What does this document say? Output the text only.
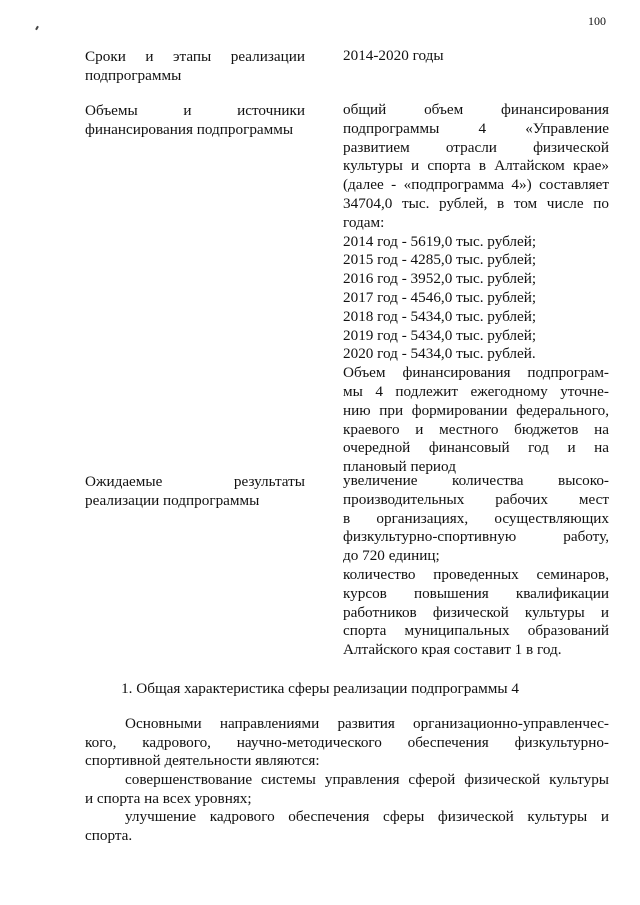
100
Сроки и этапы реализации
подпрограммы
2014-2020 годы
Объемы и источники
финансирования подпрограммы
общий объем финансирования
подпрограммы 4 «Управление
развитием отрасли физической
культуры и спорта в Алтайском крае»
(далее - «подпрограмма 4») составляет
34704,0 тыс. рублей, в том числе по
годам:
2014 год - 5619,0 тыс. рублей;
2015 год - 4285,0 тыс. рублей;
2016 год - 3952,0 тыс. рублей;
2017 год - 4546,0 тыс. рублей;
2018 год - 5434,0 тыс. рублей;
2019 год - 5434,0 тыс. рублей;
2020 год - 5434,0 тыс. рублей.
Объем финансирования подпрограм-
мы 4 подлежит ежегодному уточне-
нию при формировании федерального,
краевого и местного бюджетов на
очередной финансовый год и на
плановый период
Ожидаемые результаты
реализации подпрограммы
увеличение количества высоко-
производительных рабочих мест
в организациях, осуществляющих
физкультурно-спортивную работу,
до 720 единиц;
количество проведенных семинаров,
курсов повышения квалификации
работников физической культуры и
спорта муниципальных образований
Алтайского края составит 1 в год.
1. Общая характеристика сферы реализации подпрограммы 4
Основными направлениями развития организационно-управленчес-
кого, кадрового, научно-методического обеспечения физкультурно-
спортивной деятельности являются:
совершенствование системы управления сферой физической культуры
и спорта на всех уровнях;
улучшение кадрового обеспечения сферы физической культуры и
спорта.
